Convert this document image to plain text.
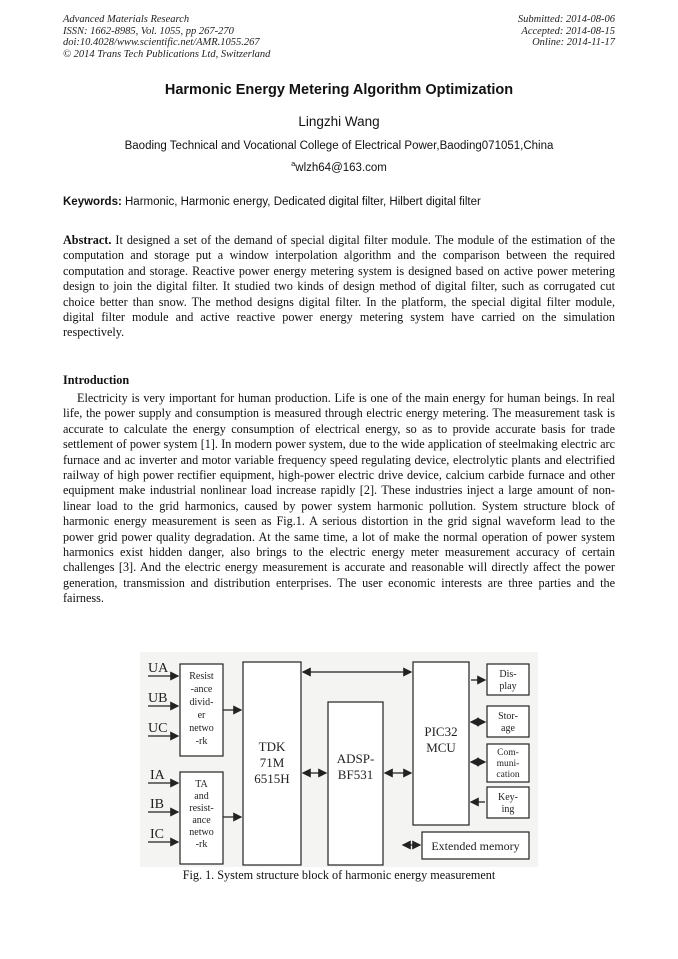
Advanced Materials Research
ISSN: 1662-8985, Vol. 1055, pp 267-270
doi:10.4028/www.scientific.net/AMR.1055.267
© 2014 Trans Tech Publications Ltd, Switzerland
Submitted: 2014-08-06
Accepted: 2014-08-15
Online: 2014-11-17
Harmonic Energy Metering Algorithm Optimization
Lingzhi Wang
Baoding Technical and Vocational College of Electrical Power,Baoding071051,China
$^a$wlzh64@163.com
Keywords: Harmonic, Harmonic energy, Dedicated digital filter, Hilbert digital filter
Abstract. It designed a set of the demand of special digital filter module. The module of the estimation of the computation and storage put a window interpolation algorithm and the comparison between the required computation and storage. Reactive power energy metering system is designed based on active power metering design to join the digital filter. It studied two kinds of design method of digital filter, such as corrugated cut choice better than snow. The method designs digital filter. In the platform, the special digital filter module, digital filter module and active reactive power energy metering system have carried on the simulation respectively.
Introduction
Electricity is very important for human production. Life is one of the main energy for human beings. In real life, the power supply and consumption is measured through electric energy metering. The measurement task is accurate to calculate the energy consumption of electrical energy, so as to provide accurate basis for trade settlement of power system [1]. In modern power system, due to the wide application of steelmaking electric arc furnace and ac inverter and motor variable frequency speed regulating device, electrolytic plants and electrified railway of high power rectifier equipment, high-power electric drive device, calcium carbide furnace and other equipment make industrial nonlinear load increase rapidly [2]. These industries inject a large amount of non-linear load to the grid harmonics, caused by power system harmonic pollution. System structure block of harmonic energy measurement is seen as Fig.1. A serious distortion in the grid signal waveform lead to the power grid power quality degradation. At the same time, a lot of make the normal operation of power system harmonics exist hidden danger, also brings to the electric energy meter measurement accuracy of certain challenges [3]. And the electric energy measurement is accurate and reasonable will directly affect the power generation, transmission and distribution enterprises. The user economic interests are three parties and the fairness.
UA
UB
UC
IA
IB
IC
Resist
-ance
divid-
er
netwo
-rk
TA
and
resist-
ance
netwo
-rk
TDK
71M
6515H
ADSP-
BF531
PIC32
MCU
Dis-
play
Stor-
age
Com-
muni-
cation
Key-
ing
Extended memory
Fig. 1. System structure block of harmonic energy measurement
